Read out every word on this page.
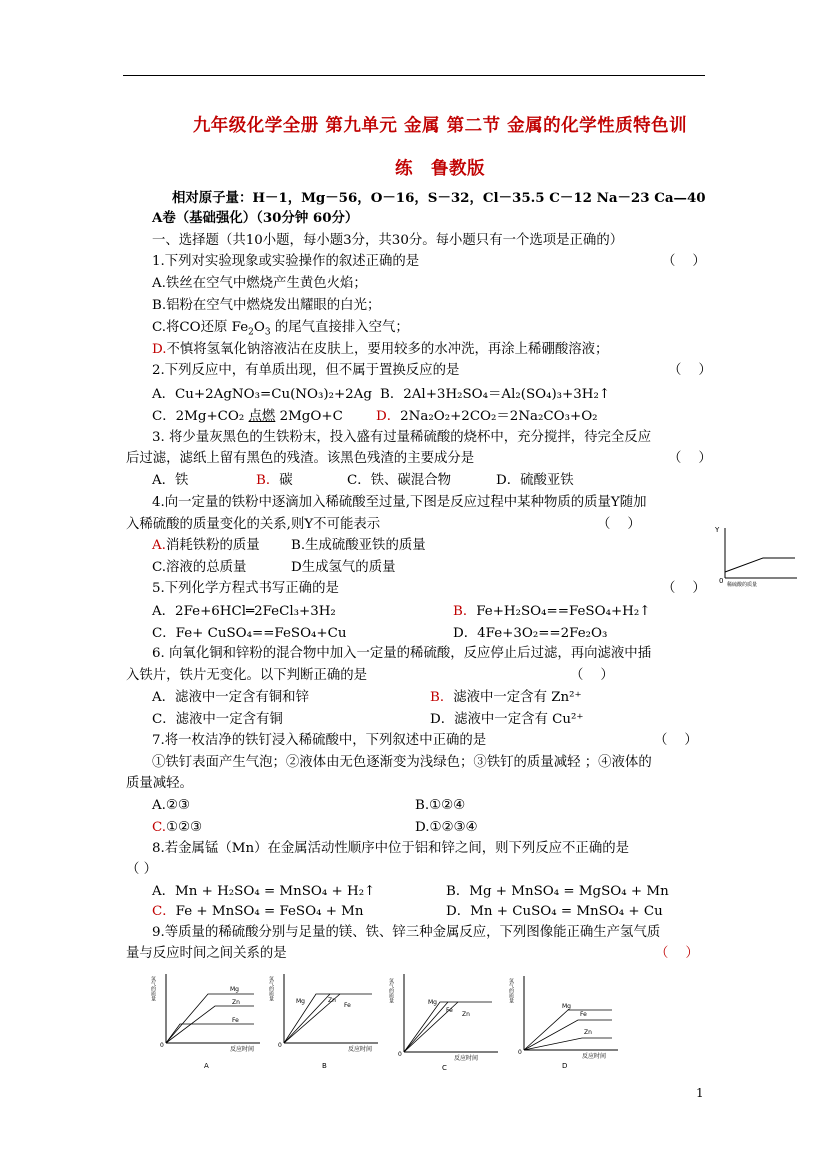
九年级化学全册 第九单元 金属 第二节 金属的化学性质特色训
练　鲁教版
相对原子量：H－1，Mg－56，O－16，S－32，Cl－35.5 C－12 Na－23 Ca—40
A卷（基础强化）（30分钟 60分）
一、选择题（共10小题，每小题3分，共30分。每小题只有一个选项是正确的）
1.下列对实验现象或实验操作的叙述正确的是	（    ）
A.铁丝在空气中燃烧产生黄色火焰；
B.铝粉在空气中燃烧发出耀眼的白光；
C.将CO还原 $Fe_2O_3$ 的尾气直接排入空气；
D.不慎将氢氧化钠溶液沾在皮肤上，要用较多的水冲洗，再涂上稀硼酸溶液；
2.下列反应中，有单质出现，但不属于置换反应的是	（    ）
A．Cu+2AgNO₃=Cu(NO₃)₂+2Ag B．2Al+3H₂SO₄＝Al₂(SO₄)₃+3H₂↑
C．2Mg+CO₂ 点燃 2MgO+C D．2Na₂O₂+2CO₂＝2Na₂CO₃+O₂
3. 将少量灰黑色的生铁粉末，投入盛有过量稀硫酸的烧杯中，充分搅拌，待完全反应
后过滤，滤纸上留有黑色的残渣。该黑色残渣的主要成分是	（    ）
A．铁	B．碳	C．铁、碳混合物	D．硫酸亚铁
4.向一定量的铁粉中逐滴加入稀硫酸至过量,下图是反应过程中某种物质的质量Y随加
入稀硫酸的质量变化的关系,则Y不可能表示	（    ）
A.消耗铁粉的质量 B.生成硫酸亚铁的质量
C.溶液的总质量	D生成氢气的质量
Y
0 稀硫酸的质量
5.下列化学方程式书写正确的是	（    ）
A．2Fe+6HCl═2FeCl₃+3H₂	B．Fe+H₂SO₄==FeSO₄+H₂↑
C．Fe+ CuSO₄==FeSO₄+Cu	D．4Fe+3O₂==2Fe₂O₃
6. 向氧化铜和锌粉的混合物中加入一定量的稀硫酸，反应停止后过滤，再向滤液中插
入铁片，铁片无变化。以下判断正确的是	（    ）
A．滤液中一定含有铜和锌	B．滤液中一定含有 Zn²⁺
C．滤液中一定含有铜	D．滤液中一定含有 Cu²⁺
7.将一枚洁净的铁钉浸入稀硫酸中，下列叙述中正确的是	（    ）
①铁钉表面产生气泡；②液体由无色逐渐变为浅绿色；③铁钉的质量减轻 ；④液体的
质量减轻。
A.②③	B.①②④
C.①②③	D.①②③④
8.若金属锰（Mn）在金属活动性顺序中位于铝和锌之间，则下列反应不正确的是
（ ）
A．Mn + H₂SO₄ = MnSO₄ + H₂↑	B．Mg + MnSO₄ = MgSO₄ + Mn
C．Fe + MnSO₄ = FeSO₄ + Mn	D．Mn + CuSO₄ = MnSO₄ + Cu
9.等质量的稀硫酸分别与足量的镁、铁、锌三种金属反应，下列图像能正确生产氢气质
量与反应时间之间关系的是	（    ）
氢气的质量	Mg
Zn
Fe
0
反应时间
A
氢气的质量
Mg	Zn
Fe
0
反应时间
B
氢气的质量	Mg
Fe
Zn
0
反应时间
C
氢气的质量
Mg
Fe
Zn
0
反应时间
D
1
